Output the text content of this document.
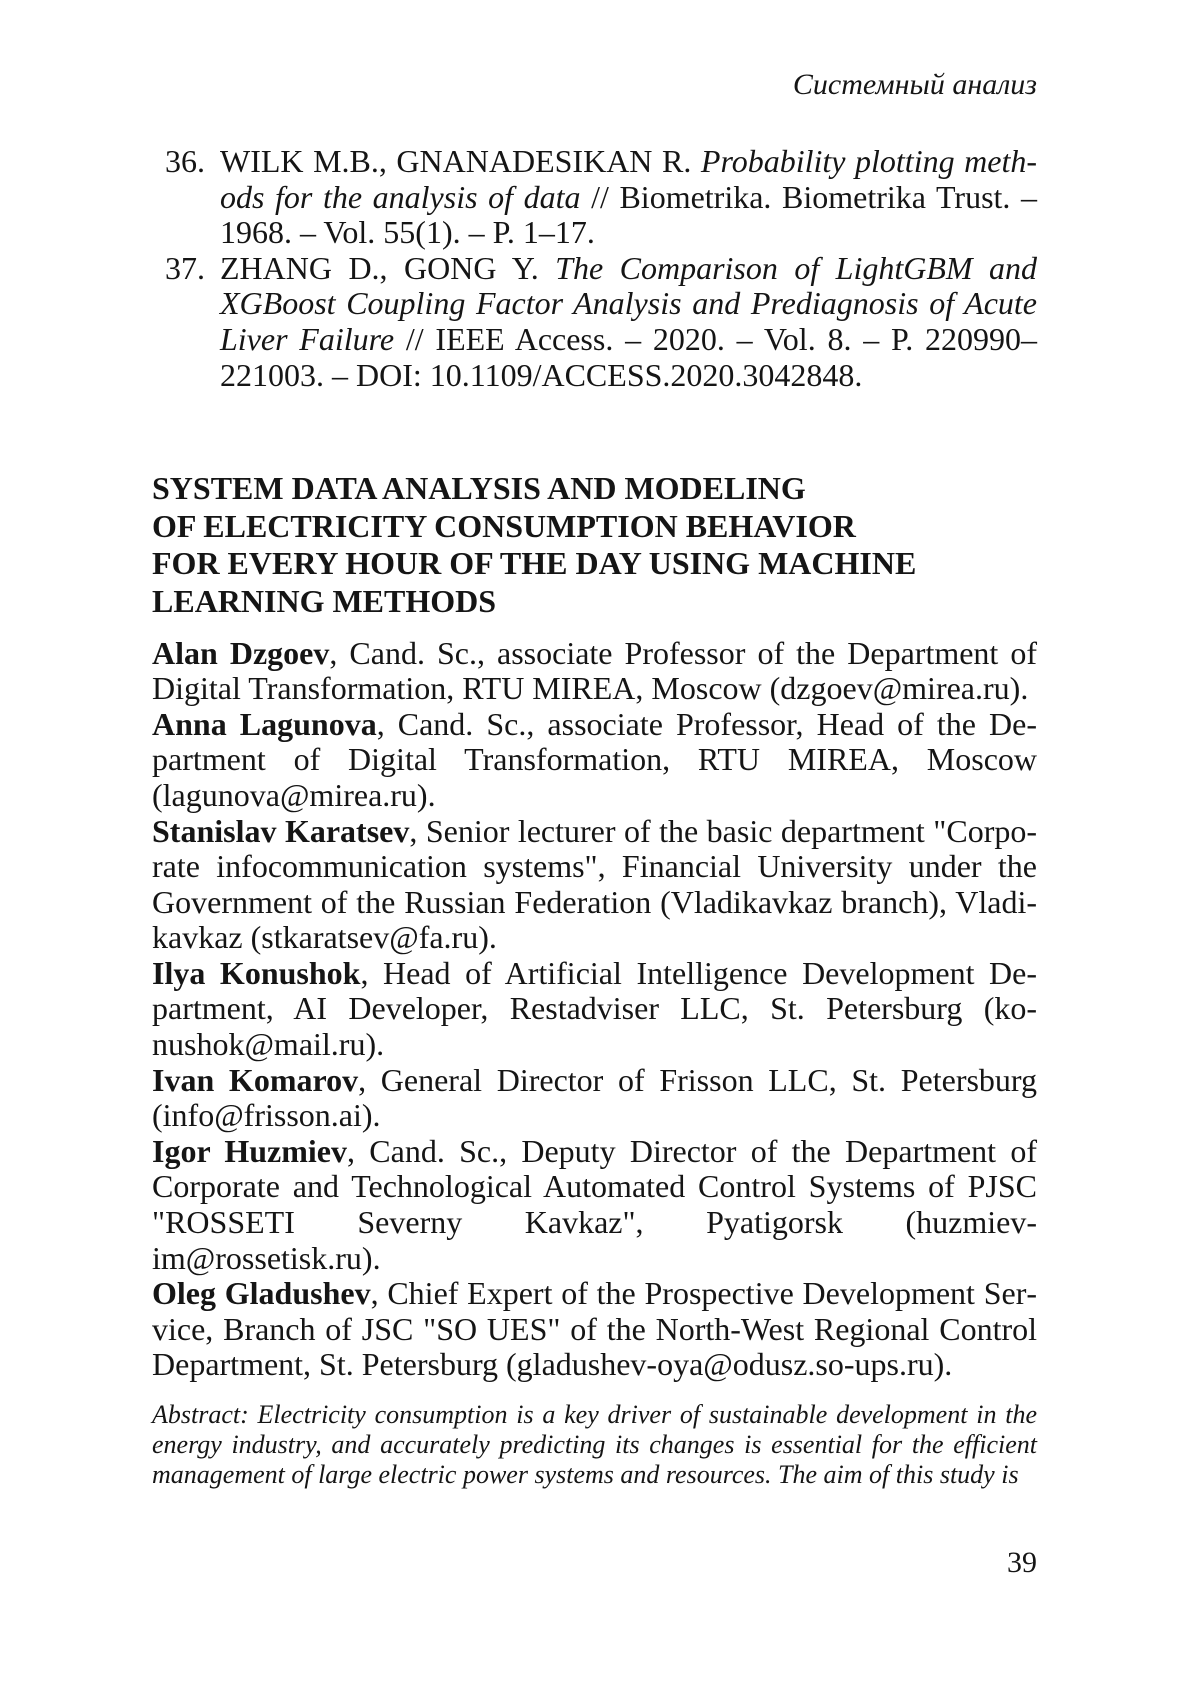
Системный анализ
36. WILK M.B., GNANADESIKAN R. Probability plotting methods for the analysis of data // Biometrika. Biometrika Trust. – 1968. – Vol. 55(1). – P. 1–17.
37. ZHANG D., GONG Y. The Comparison of LightGBM and XGBoost Coupling Factor Analysis and Prediagnosis of Acute Liver Failure // IEEE Access. – 2020. – Vol. 8. – P. 220990–221003. – DOI: 10.1109/ACCESS.2020.3042848.
SYSTEM DATA ANALYSIS AND MODELING
OF ELECTRICITY CONSUMPTION BEHAVIOR
FOR EVERY HOUR OF THE DAY USING MACHINE
LEARNING METHODS

Alan Dzgoev, Cand. Sc., associate Professor of the Department of Digital Transformation, RTU MIREA, Moscow (dzgoev@mirea.ru).

Anna Lagunova, Cand. Sc., associate Professor, Head of the Department of Digital Transformation, RTU MIREA, Moscow (lagunova@mirea.ru).

Stanislav Karatsev, Senior lecturer of the basic department "Corporate infocommunication systems", Financial University under the Government of the Russian Federation (Vladikavkaz branch), Vladikavkaz (stkaratsev@fa.ru).

Ilya Konushok, Head of Artificial Intelligence Development Department, AI Developer, Restadviser LLC, St. Petersburg (konushok@mail.ru).

Ivan Komarov, General Director of Frisson LLC, St. Petersburg (info@frisson.ai).

Igor Huzmiev, Cand. Sc., Deputy Director of the Department of Corporate and Technological Automated Control Systems of PJSC "ROSSETI Severny Kavkaz", Pyatigorsk (huzmiev-im@rossetisk.ru).

Oleg Gladushev, Chief Expert of the Prospective Development Service, Branch of JSC "SO UES" of the North-West Regional Control Department, St. Petersburg (gladushev-oya@odusz.so-ups.ru).

Abstract: Electricity consumption is a key driver of sustainable development in the energy industry, and accurately predicting its changes is essential for the efficient management of large electric power systems and resources. The aim of this study is

39
